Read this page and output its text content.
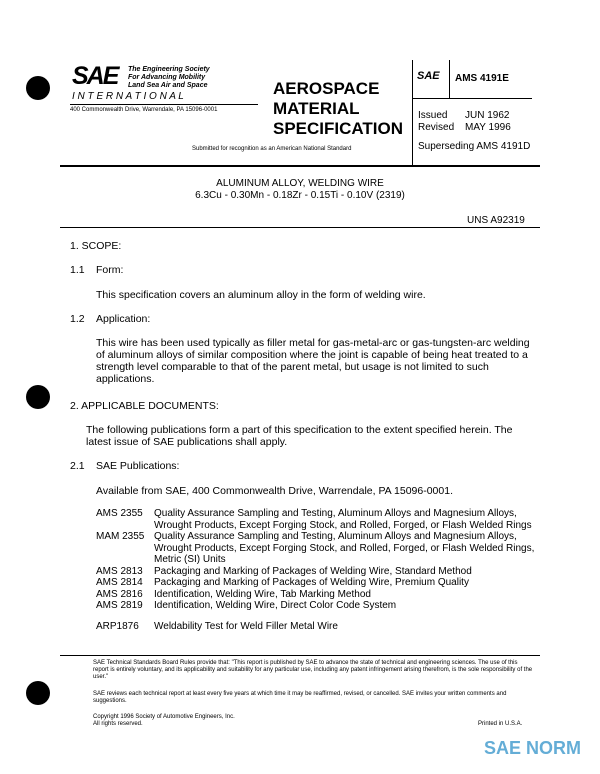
SAE The Engineering Society
For Advancing Mobility
Land Sea Air and Space
I N T E R N A T I O N A L
400 Commonwealth Drive, Warrendale, PA 15096-0001
AEROSPACE
MATERIAL
SPECIFICATION
Submitted for recognition as an American National Standard
SAE AMS 4191E
Issued JUN 1962
Revised MAY 1996
Superseding AMS 4191D
ALUMINUM ALLOY, WELDING WIRE
6.3Cu - 0.30Mn - 0.18Zr - 0.15Ti - 0.10V (2319)
UNS A92319
1. SCOPE:
1.1 Form:
This specification covers an aluminum alloy in the form of welding wire.
1.2 Application:
This wire has been used typically as filler metal for gas-metal-arc or gas-tungsten-arc welding of aluminum alloys of similar composition where the joint is capable of being heat treated to a strength level comparable to that of the parent metal, but usage is not limited to such applications.
2. APPLICABLE DOCUMENTS:
The following publications form a part of this specification to the extent specified herein. The latest issue of SAE publications shall apply.
2.1 SAE Publications:
Available from SAE, 400 Commonwealth Drive, Warrendale, PA 15096-0001.
AMS 2355	Quality Assurance Sampling and Testing, Aluminum Alloys and Magnesium Alloys, Wrought Products, Except Forging Stock, and Rolled, Forged, or Flash Welded Rings
MAM 2355 Quality Assurance Sampling and Testing, Aluminum Alloys and Magnesium Alloys, Wrought Products, Except Forging Stock, and Rolled, Forged, or Flash Welded Rings, Metric (SI) Units
AMS 2813	Packaging and Marking of Packages of Welding Wire, Standard Method
AMS 2814	Packaging and Marking of Packages of Welding Wire, Premium Quality
AMS 2816	Identification, Welding Wire, Tab Marking Method
AMS 2819	Identification, Welding Wire, Direct Color Code System
ARP1876	Weldability Test for Weld Filler Metal Wire
SAE Technical Standards Board Rules provide that: "This report is published by SAE to advance the state of technical and engineering sciences. The use of this report is entirely voluntary, and its applicability and suitability for any particular use, including any patent infringement arising therefrom, is the sole responsibility of the user."
SAE reviews each technical report at least every five years at which time it may be reaffirmed, revised, or cancelled. SAE invites your written comments and suggestions.
Copyright 1996 Society of Automotive Engineers, Inc.
All rights reserved.	Printed in U.S.A.
SAE NORM
